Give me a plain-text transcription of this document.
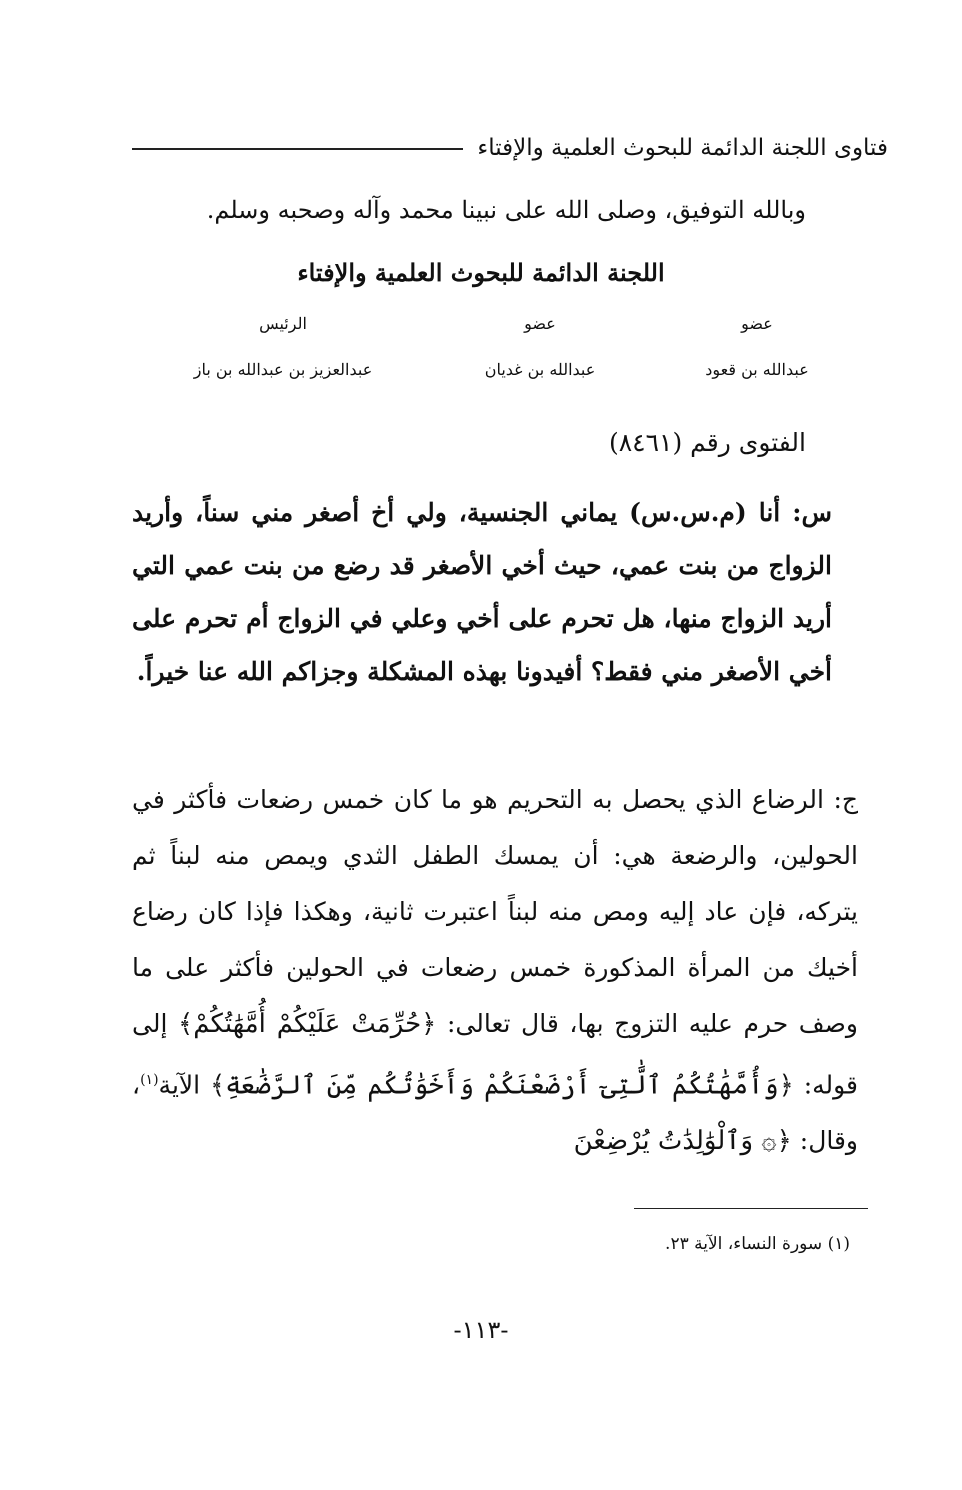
فتاوى اللجنة الدائمة للبحوث العلمية والإفتاء
وبالله التوفيق، وصلى الله على نبينا محمد وآله وصحبه وسلم.
اللجنة الدائمة للبحوث العلمية والإفتاء
عضو
عبدالله بن قعود
عضو
عبدالله بن غديان
الرئيس
عبدالعزيز بن عبدالله بن باز
الفتوى رقم (٨٤٦١)
س: أنا (م.س.س) يماني الجنسية، ولي أخ أصغر مني سناً، وأريد الزواج من بنت عمي، حيث أخي الأصغر قد رضع من بنت عمي التي أريد الزواج منها، هل تحرم على أخي وعلي في الزواج أم تحرم على أخي الأصغر مني فقط؟ أفيدونا بهذه المشكلة وجزاكم الله عنا خيراً.
ج: الرضاع الذي يحصل به التحريم هو ما كان خمس رضعات فأكثر في الحولين، والرضعة هي: أن يمسك الطفل الثدي ويمص منه لبناً ثم يتركه، فإن عاد إليه ومص منه لبناً اعتبرت ثانية، وهكذا فإذا كان رضاع أخيك من المرأة المذكورة خمس رضعات في الحولين فأكثر على ما وصف حرم عليه التزوج بها، قال تعالى: ﴿حُرِّمَتْ عَلَيْكُمْ أُمَّهَٰتُكُمْ﴾ إلى قوله: ﴿وَأُمَّهَٰتُكُمُ ٱلَّٰتِىٓ أَرْضَعْنَكُمْ وَأَخَوَٰتُكُم مِّنَ ٱلرَّضَٰعَةِ﴾ الآية$^{(١)}$، وقال: ﴿۞ وَٱلْوَٰلِدَٰتُ يُرْضِعْنَ
(١) سورة النساء، الآية ٢٣.
-١١٣-
